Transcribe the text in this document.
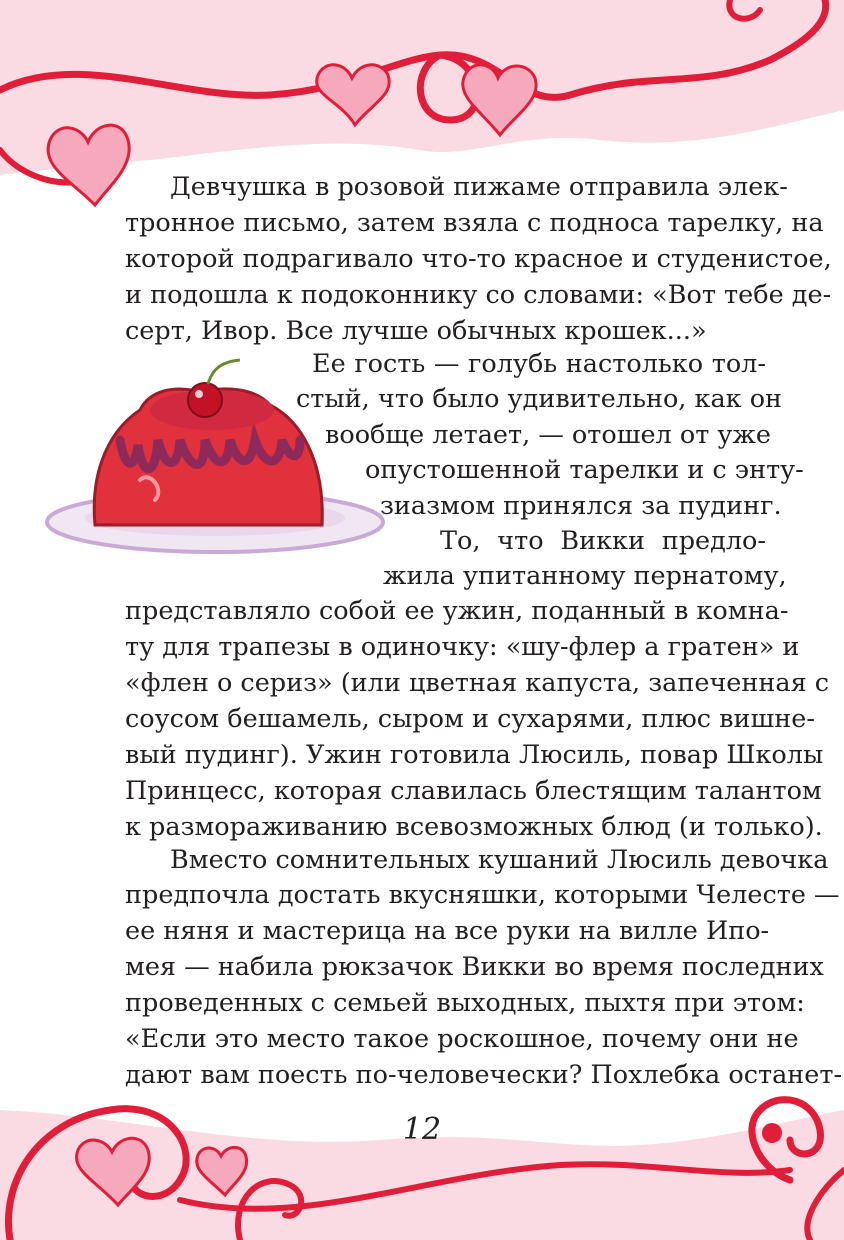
Девчушка в розовой пижаме отправила элек-
тронное письмо, затем взяла с подноса тарелку, на
которой подрагивало что-то красное и студенистое,
и подошла к подоконнику со словами: «Вот тебе де-
серт, Ивор. Все лучше обычных крошек...»
Ее гость — голубь настолько тол-
стый, что было удивительно, как он
вообще летает, — отошел от уже
опустошенной тарелки и с энту-
зиазмом принялся за пудинг.
То, что Викки предло-
жила упитанному пернатому,
представляло собой ее ужин, поданный в комна-
ту для трапезы в одиночку: «шу-флер а гратен» и
«флен о сериз» (или цветная капуста, запеченная с
соусом бешамель, сыром и сухарями, плюс вишне-
вый пудинг). Ужин готовила Люсиль, повар Школы
Принцесс, которая славилась блестящим талантом
к размораживанию всевозможных блюд (и только).
Вместо сомнительных кушаний Люсиль девочка
предпочла достать вкусняшки, которыми Челесте —
ее няня и мастерица на все руки на вилле Ипо-
мея — набила рюкзачок Викки во время последних
проведенных с семьей выходных, пыхтя при этом:
«Если это место такое роскошное, почему они не
дают вам поесть по-человечески? Похлебка останет-
12
